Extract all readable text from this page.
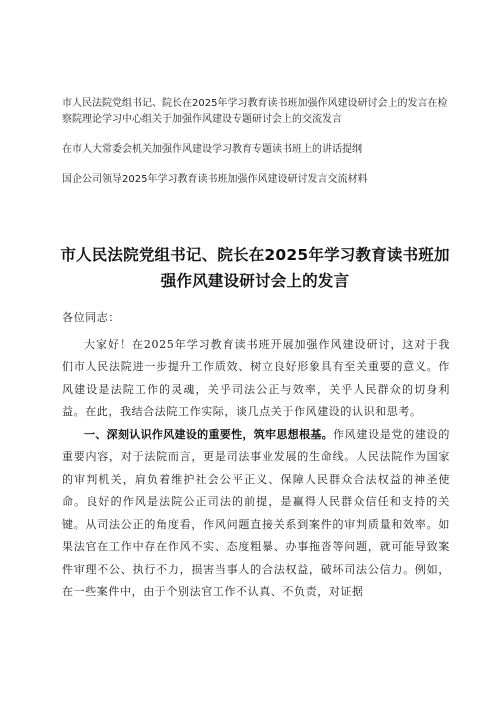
市人民法院党组书记、院长在2025年学习教育读书班加强作风建设研讨会上的发言在检察院理论学习中心组关于加强作风建设专题研讨会上的交流发言

在市人大常委会机关加强作风建设学习教育专题读书班上的讲话提纲

国企公司领导2025年学习教育读书班加强作风建设研讨发言交流材料

市人民法院党组书记、院长在2025年学习教育读书班加强作风建设研讨会上的发言

各位同志：

大家好！在2025年学习教育读书班开展加强作风建设研讨，这对于我们市人民法院进一步提升工作质效、树立良好形象具有至关重要的意义。作风建设是法院工作的灵魂，关乎司法公正与效率，关乎人民群众的切身利益。在此，我结合法院工作实际，谈几点关于作风建设的认识和思考。

一、深刻认识作风建设的重要性，筑牢思想根基。作风建设是党的建设的重要内容，对于法院而言，更是司法事业发展的生命线。人民法院作为国家的审判机关，肩负着维护社会公平正义、保障人民群众合法权益的神圣使命。良好的作风是法院公正司法的前提，是赢得人民群众信任和支持的关键。从司法公正的角度看，作风问题直接关系到案件的审判质量和效率。如果法官在工作中存在作风不实、态度粗暴、办事拖沓等问题，就可能导致案件审理不公、执行不力，损害当事人的合法权益，破坏司法公信力。例如，在一些案件中，由于个别法官工作不认真、不负责，对证据
